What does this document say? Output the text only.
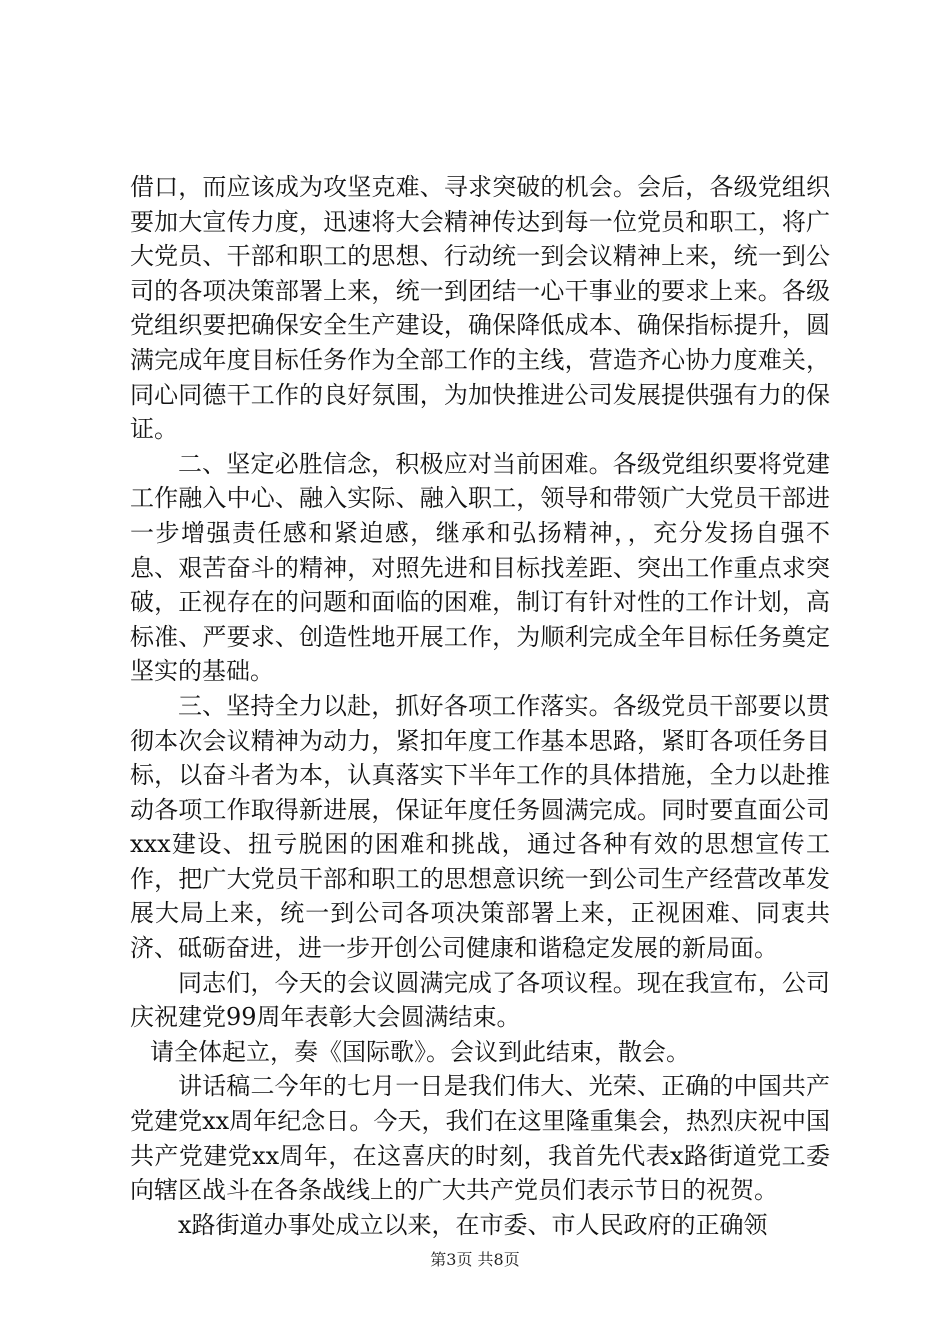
借口，而应该成为攻坚克难、寻求突破的机会。会后，各级党组织要加大宣传力度，迅速将大会精神传达到每一位党员和职工，将广大党员、干部和职工的思想、行动统一到会议精神上来，统一到公司的各项决策部署上来，统一到团结一心干事业的要求上来。各级党组织要把确保安全生产建设，确保降低成本、确保指标提升，圆满完成年度目标任务作为全部工作的主线，营造齐心协力度难关，同心同德干工作的良好氛围，为加快推进公司发展提供强有力的保证。

二、坚定必胜信念，积极应对当前困难。各级党组织要将党建工作融入中心、融入实际、融入职工，领导和带领广大党员干部进一步增强责任感和紧迫感，继承和弘扬精神，，充分发扬自强不息、艰苦奋斗的精神，对照先进和目标找差距、突出工作重点求突破，正视存在的问题和面临的困难，制订有针对性的工作计划，高标准、严要求、创造性地开展工作，为顺利完成全年目标任务奠定坚实的基础。

三、坚持全力以赴，抓好各项工作落实。各级党员干部要以贯彻本次会议精神为动力，紧扣年度工作基本思路，紧盯各项任务目标，以奋斗者为本，认真落实下半年工作的具体措施，全力以赴推动各项工作取得新进展，保证年度任务圆满完成。同时要直面公司xxx建设、扭亏脱困的困难和挑战，通过各种有效的思想宣传工作，把广大党员干部和职工的思想意识统一到公司生产经营改革发展大局上来，统一到公司各项决策部署上来，正视困难、同衷共济、砥砺奋进，进一步开创公司健康和谐稳定发展的新局面。

同志们，今天的会议圆满完成了各项议程。现在我宣布，公司庆祝建党99周年表彰大会圆满结束。

请全体起立，奏《国际歌》。会议到此结束，散会。

讲话稿二今年的七月一日是我们伟大、光荣、正确的中国共产党建党xx周年纪念日。今天，我们在这里隆重集会，热烈庆祝中国共产党建党xx周年，在这喜庆的时刻，我首先代表x路街道党工委向辖区战斗在各条战线上的广大共产党员们表示节日的祝贺。

x路街道办事处成立以来，在市委、市人民政府的正确领

第3页 共8页
